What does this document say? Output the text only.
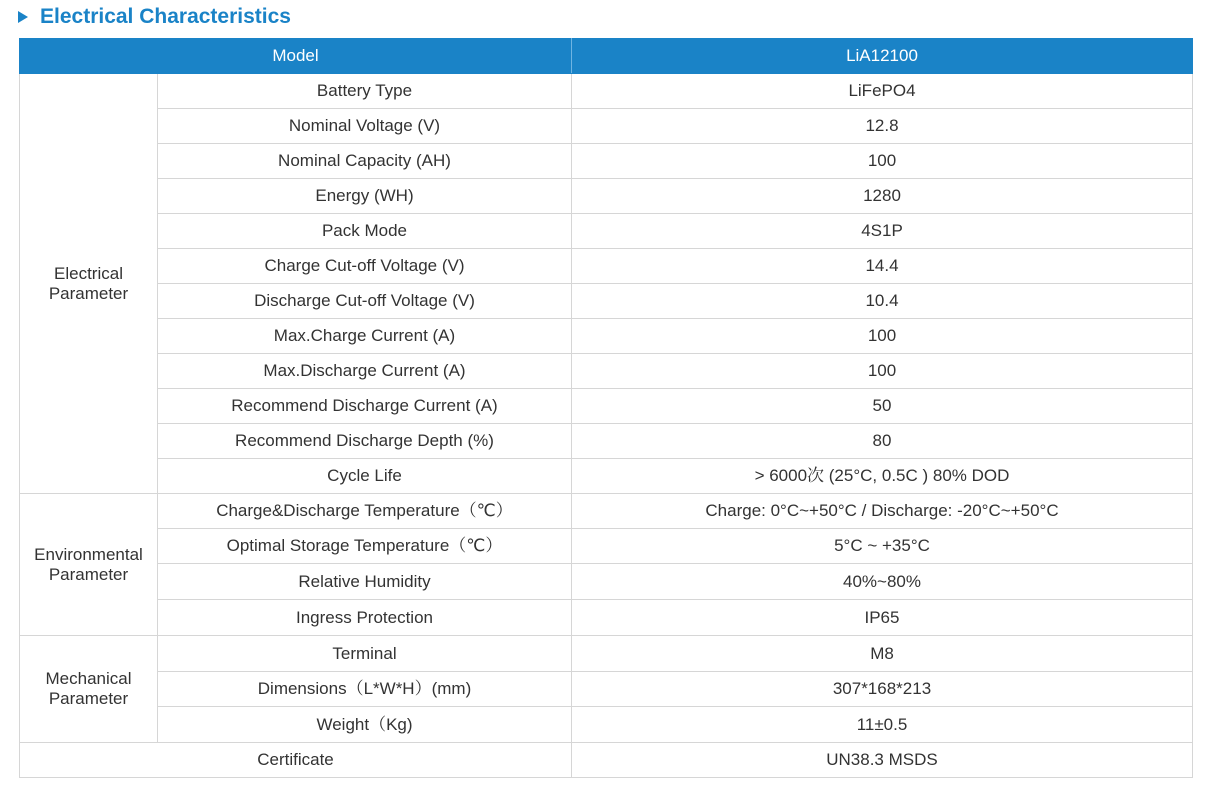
Electrical Characteristics
Model		LiA12100

Electrical
Parameter	Battery Type	LiFePO4
	Nominal Voltage (V)	12.8
	Nominal Capacity (AH)	100
	Energy (WH)	1280
	Pack Mode	4S1P
	Charge Cut-off Voltage (V)	14.4
	Discharge Cut-off Voltage (V)	10.4
	Max.Charge Current (A)	100
	Max.Discharge Current (A)	100
	Recommend Discharge Current (A)	50
	Recommend Discharge Depth (%)	80
	Cycle Life	> 6000次 (25°C, 0.5C ) 80% DOD

Environmental
Parameter	Charge&Discharge Temperature（℃）	Charge: 0°C~+50°C / Discharge: -20°C~+50°C
	Optimal Storage Temperature（℃）	5°C ~ +35°C
	Relative Humidity	40%~80%
	Ingress Protection	IP65

Mechanical
Parameter	Terminal	M8
	Dimensions（L*W*H）(mm)	307*168*213
	Weight（Kg)	11±0.5
Certificate		UN38.3 MSDS
